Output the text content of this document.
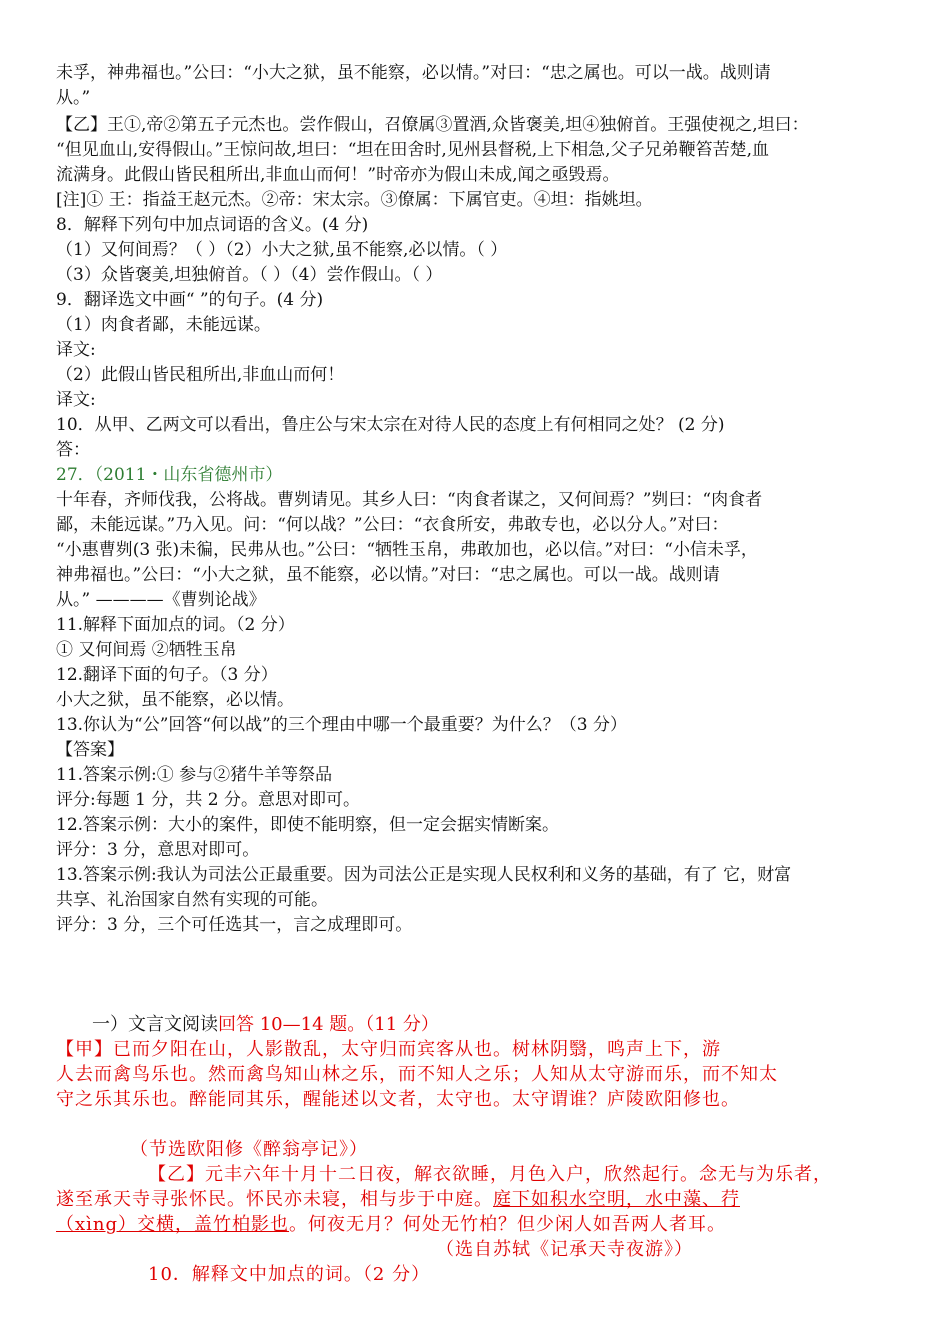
未孚，神弗福也。”公曰：“小大之狱，虽不能察，必以情。”对曰：“忠之属也。可以一战。战则请
从。”
【乙】王①,帝②第五子元杰也。尝作假山，召僚属③置酒,众皆褒美,坦④独俯首。王强使视之,坦曰：
“但见血山,安得假山。”王惊问故,坦曰：“坦在田舍时,见州县督税,上下相急,父子兄弟鞭笞苦楚,血
流满身。此假山皆民租所出,非血山而何！”时帝亦为假山未成,闻之亟毁焉。
[注]① 王：指益王赵元杰。②帝：宋太宗。③僚属：下属官吏。④坦：指姚坦。
8．解释下列句中加点词语的含义。(4 分)
（1）又何间焉？（ ）（2）小大之狱,虽不能察,必以情。（ ）
（3）众皆褒美,坦独俯首。（ ）（4）尝作假山。（ ）
9．翻译选文中画“ ”的句子。(4 分)
（1）肉食者鄙，未能远谋。
译文:
（2）此假山皆民租所出,非血山而何！
译文:
10．从甲、乙两文可以看出，鲁庄公与宋太宗在对待人民的态度上有何相同之处？ (2 分)
答：
27．（2011・山东省德州市）
十年春，齐师伐我，公将战。曹刿请见。其乡人曰：“肉食者谋之，又何间焉？”刿曰：“肉食者
鄙，未能远谋。”乃入见。问：“何以战？”公曰：“衣食所安，弗敢专也，必以分人。”对曰：
“小惠曹刿(3 张)未徧，民弗从也。”公曰：“牺牲玉帛，弗敢加也，必以信。”对曰：“小信未孚，
神弗福也。”公曰：“小大之狱，虽不能察，必以情。”对曰：“忠之属也。可以一战。战则请
从。” ————《曹刿论战》
11.解释下面加点的词。（2 分）
① 又何间焉 ②牺牲玉帛
12.翻译下面的句子。（3 分）
小大之狱，虽不能察，必以情。
13.你认为“公”回答“何以战”的三个理由中哪一个最重要？为什么？（3 分）
【答案】
11.答案示例:① 参与②猪牛羊等祭品
评分:每题 1 分，共 2 分。意思对即可。
12.答案示例：大小的案件，即使不能明察，但一定会据实情断案。
评分：3 分，意思对即可。
13.答案示例:我认为司法公正最重要。因为司法公正是实现人民权利和义务的基础，有了 它，财富
共享、礼治国家自然有实现的可能。
评分：3 分，三个可任选其一，言之成理即可。
一）文言文阅读回答 10—14 题。（11 分）
【甲】已而夕阳在山，人影散乱，太守归而宾客从也。树林阴翳，鸣声上下，游
人去而禽鸟乐也。然而禽鸟知山林之乐，而不知人之乐；人知从太守游而乐，而不知太
守之乐其乐也。醉能同其乐，醒能述以文者，太守也。太守谓谁？庐陵欧阳修也。
（节选欧阳修《醉翁亭记》）
【乙】元丰六年十月十二日夜，解衣欲睡，月色入户，欣然起行。念无与为乐者，
遂至承天寺寻张怀民。怀民亦未寝，相与步于中庭。庭下如积水空明，水中藻、荇
（xìng）交横，盖竹柏影也。何夜无月？何处无竹柏？但少闲人如吾两人者耳。
（选自苏轼《记承天寺夜游》）
10．解释文中加点的词。（2 分）
